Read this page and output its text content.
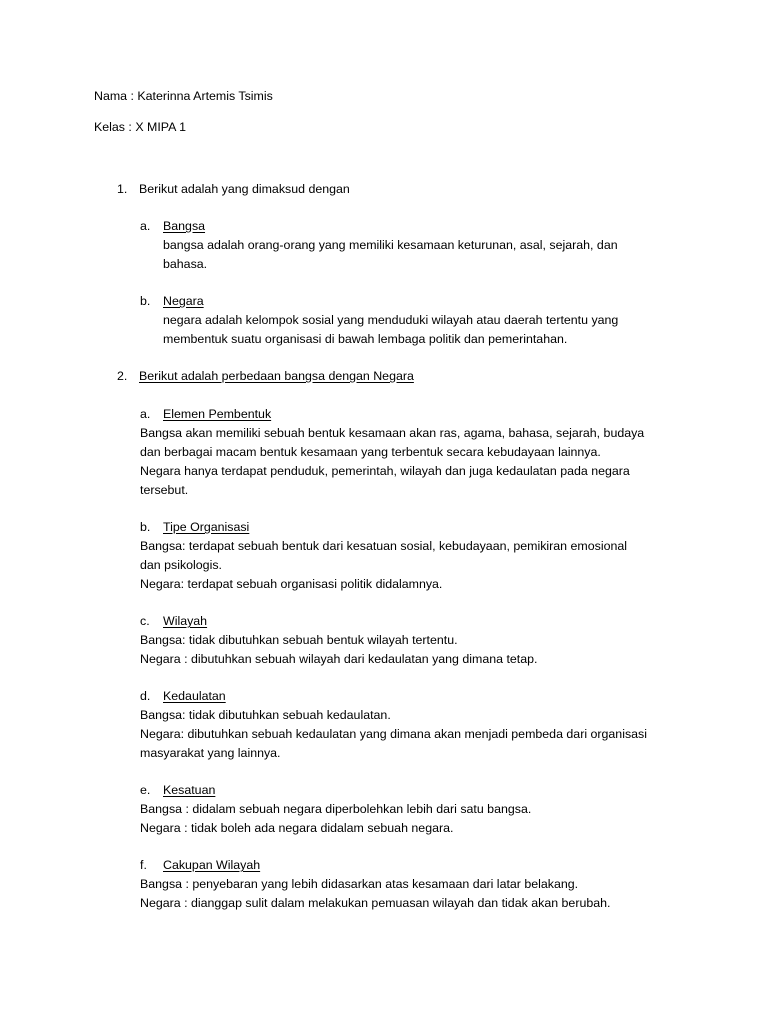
Nama : Katerinna Artemis Tsimis
Kelas : X MIPA 1
1. Berikut adalah yang dimaksud dengan
a. Bangsa
bangsa adalah orang-orang yang memiliki kesamaan keturunan, asal, sejarah, dan
bahasa.
b. Negara
negara adalah kelompok sosial yang menduduki wilayah atau daerah tertentu yang
membentuk suatu organisasi di bawah lembaga politik dan pemerintahan.
2. Berikut adalah perbedaan bangsa dengan Negara
a. Elemen Pembentuk
Bangsa akan memiliki sebuah bentuk kesamaan akan ras, agama, bahasa, sejarah, budaya
dan berbagai macam bentuk kesamaan yang terbentuk secara kebudayaan lainnya.
Negara hanya terdapat penduduk, pemerintah, wilayah dan juga kedaulatan pada negara
tersebut.
b. Tipe Organisasi
Bangsa: terdapat sebuah bentuk dari kesatuan sosial, kebudayaan, pemikiran emosional
dan psikologis.
Negara: terdapat sebuah organisasi politik didalamnya.
c. Wilayah
Bangsa: tidak dibutuhkan sebuah bentuk wilayah tertentu.
Negara : dibutuhkan sebuah wilayah dari kedaulatan yang dimana tetap.
d. Kedaulatan
Bangsa: tidak dibutuhkan sebuah kedaulatan.
Negara: dibutuhkan sebuah kedaulatan yang dimana akan menjadi pembeda dari organisasi
masyarakat yang lainnya.
e. Kesatuan
Bangsa : didalam sebuah negara diperbolehkan lebih dari satu bangsa.
Negara : tidak boleh ada negara didalam sebuah negara.
f. Cakupan Wilayah
Bangsa : penyebaran yang lebih didasarkan atas kesamaan dari latar belakang.
Negara : dianggap sulit dalam melakukan pemuasan wilayah dan tidak akan berubah.
